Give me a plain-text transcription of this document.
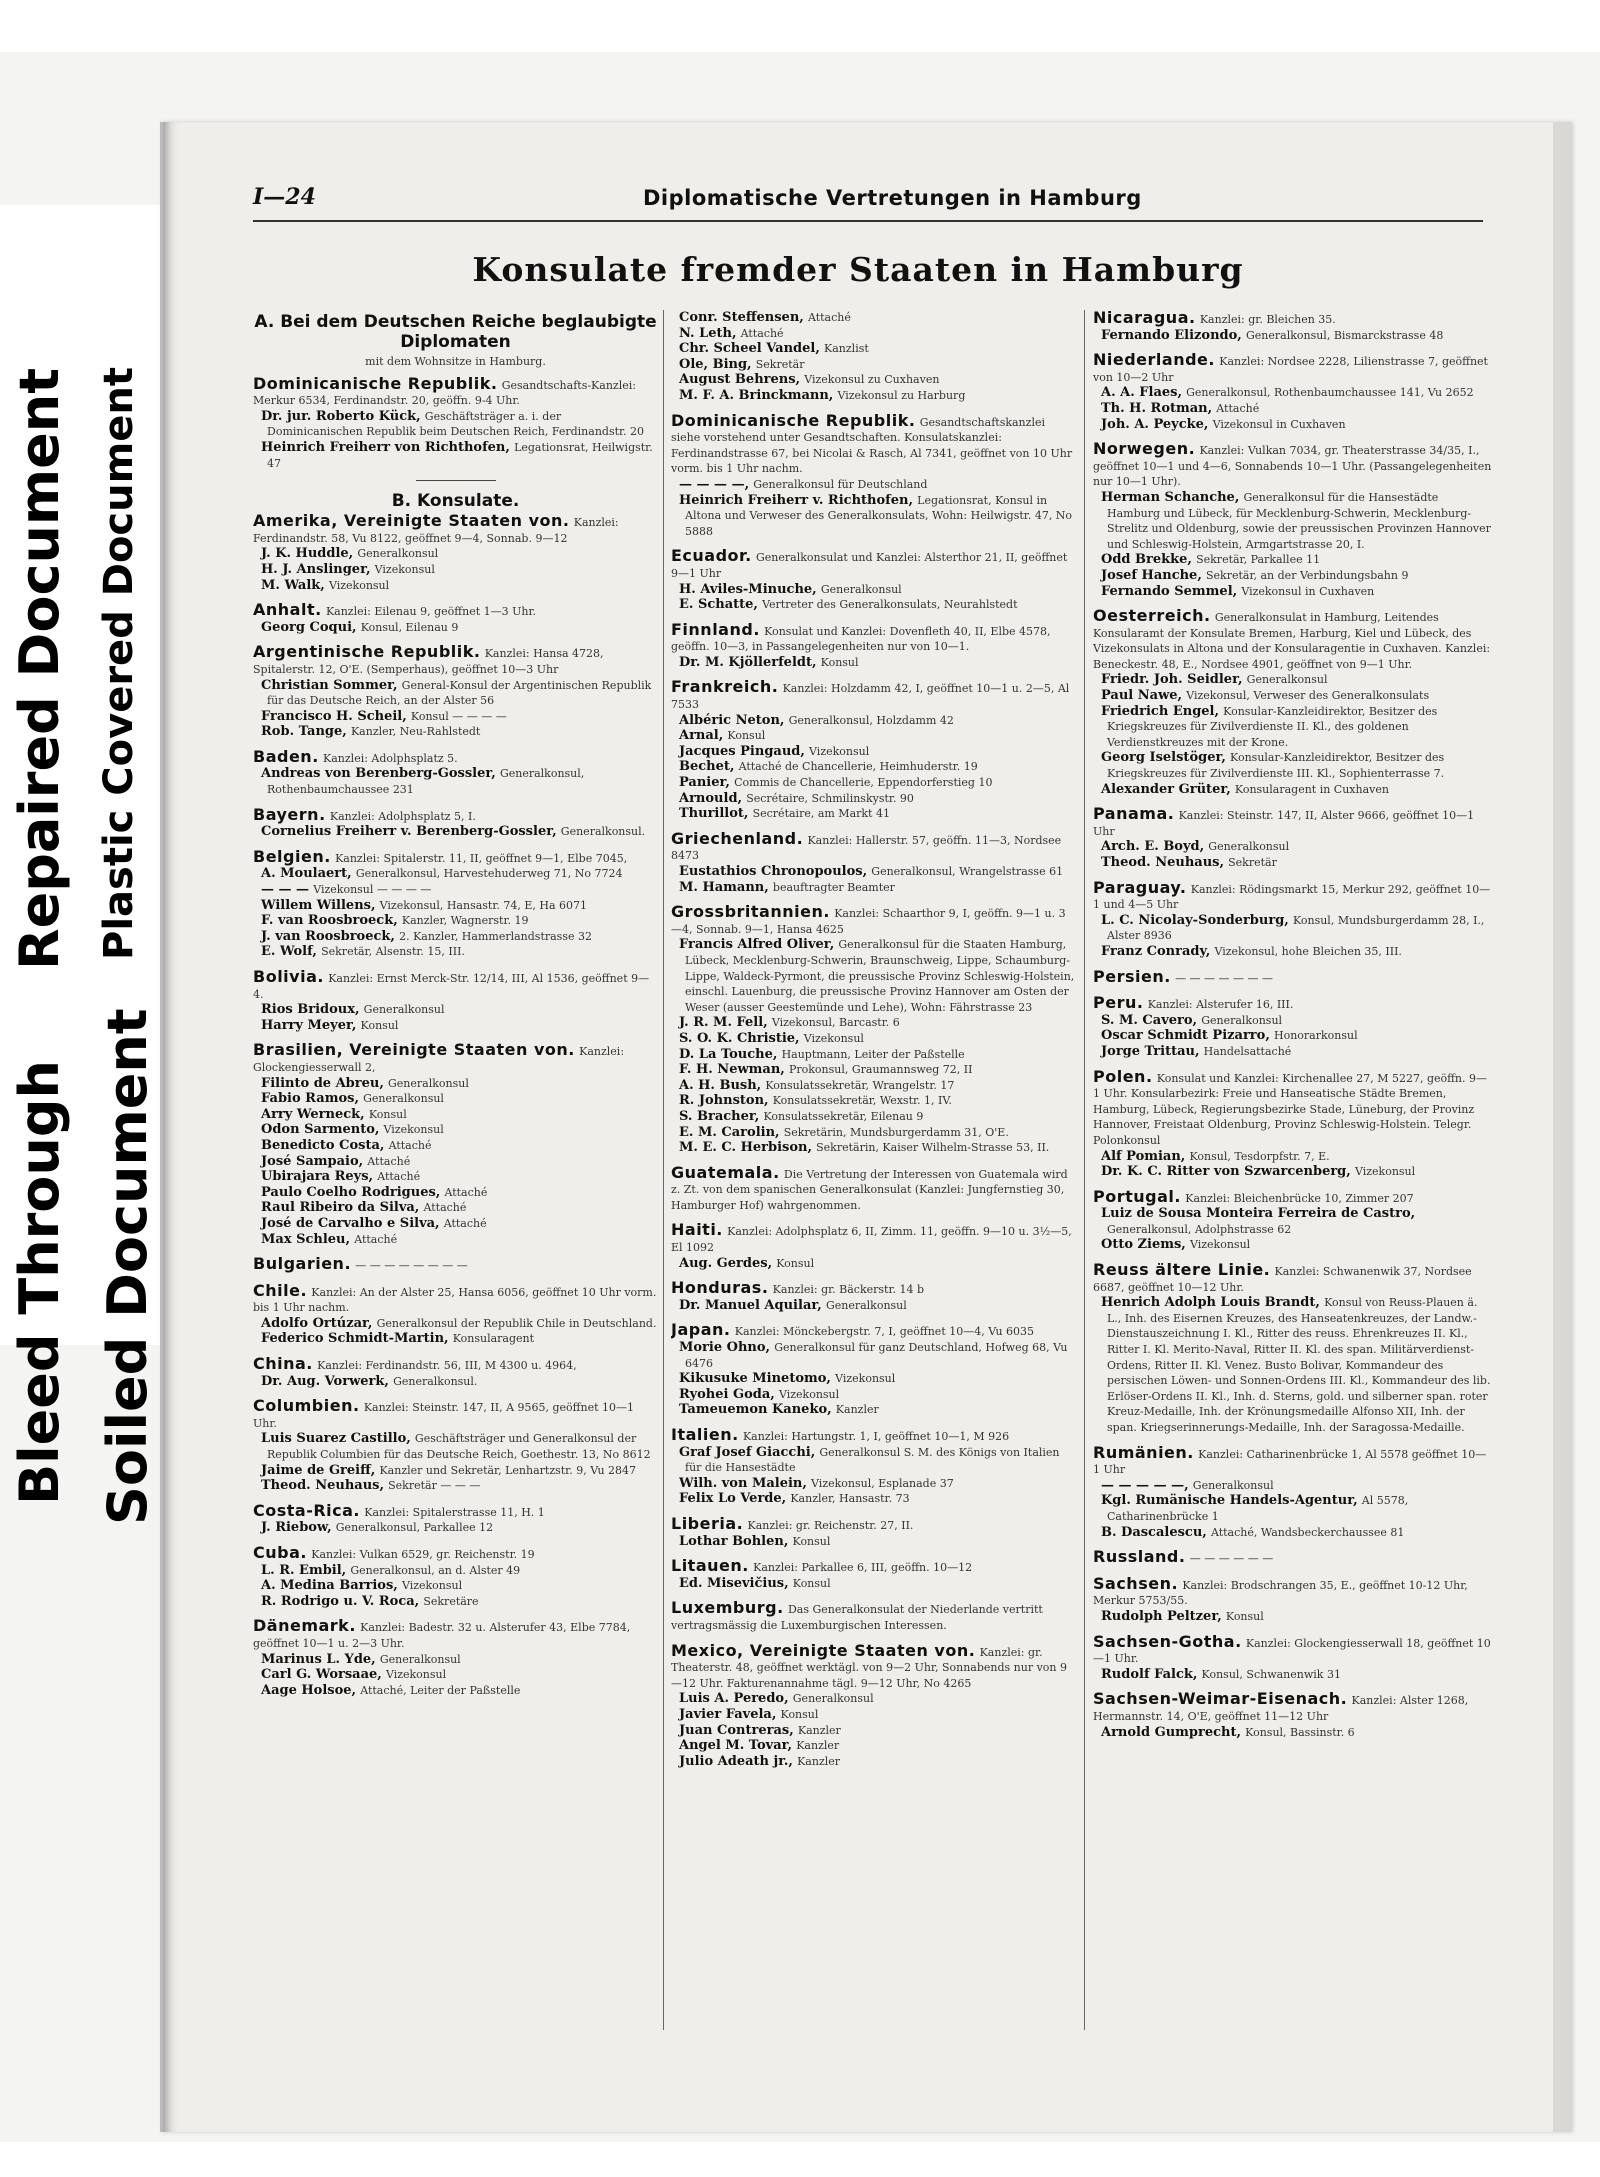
Repaired Document Plastic Covered Document
Bleed Through Soiled Document
I—24	Diplomatische Vertretungen in Hamburg
Konsulate fremder Staaten in Hamburg
A. Bei dem Deutschen Reiche beglaubigte Diplomaten
mit dem Wohnsitze in Hamburg.
Dominicanische Republik. Gesandtschafts-Kanzlei: Merkur 6534, Ferdinandstr. 20, geöffn. 9-4 Uhr.
Dr. jur. Roberto Kück, Geschäftsträger a. i. der Dominicanischen Republik beim Deutschen Reich, Ferdinandstr. 20
Heinrich Freiherr von Richthofen, Legationsrat, Heilwigstr. 47
B. Konsulate.
Amerika, Vereinigte Staaten von. Kanzlei: Ferdinandstr. 58, Vu 8122, geöffnet 9—4, Sonnab. 9—12
J. K. Huddle, Generalkonsul
H. J. Anslinger, Vizekonsul
M. Walk, Vizekonsul
Anhalt. Kanzlei: Eilenau 9, geöffnet 1—3 Uhr.
Georg Coqui, Konsul, Eilenau 9
Argentinische Republik. Kanzlei: Hansa 4728, Spitalerstr. 12, O'E. (Semperhaus), geöffnet 10—3 Uhr
Christian Sommer, General-Konsul der Argentinischen Republik für das Deutsche Reich, an der Alster 56
Francisco H. Scheil, Konsul — — — —
Rob. Tange, Kanzler, Neu-Rahlstedt
Baden. Kanzlei: Adolphsplatz 5.
Andreas von Berenberg-Gossler, Generalkonsul, Rothenbaumchaussee 231
Bayern. Kanzlei: Adolphsplatz 5, I.
Cornelius Freiherr v. Berenberg-Gossler, Generalkonsul.
Belgien. Kanzlei: Spitalerstr. 11, II, geöffnet 9—1, Elbe 7045,
A. Moulaert, Generalkonsul, Harvestehuderweg 71, No 7724
— — — Vizekonsul — — — —
Willem Willens, Vizekonsul, Hansastr. 74, E, Ha 6071
F. van Roosbroeck, Kanzler, Wagnerstr. 19
J. van Roosbroeck, 2. Kanzler, Hammerlandstrasse 32
E. Wolf, Sekretär, Alsenstr. 15, III.
Bolivia. Kanzlei: Ernst Merck-Str. 12/14, III, Al 1536, geöffnet 9—4.
Rios Bridoux, Generalkonsul
Harry Meyer, Konsul
Brasilien, Vereinigte Staaten von. Kanzlei: Glockengiesserwall 2,
Filinto de Abreu, Generalkonsul
Fabio Ramos, Generalkonsul
Arry Werneck, Konsul
Odon Sarmento, Vizekonsul
Benedicto Costa, Attaché
José Sampaio, Attaché
Ubirajara Reys, Attaché
Paulo Coelho Rodrigues, Attaché
Raul Ribeiro da Silva, Attaché
José de Carvalho e Silva, Attaché
Max Schleu, Attaché
Bulgarien. — — — — — — — —
Chile. Kanzlei: An der Alster 25, Hansa 6056, geöffnet 10 Uhr vorm. bis 1 Uhr nachm.
Adolfo Ortúzar, Generalkonsul der Republik Chile in Deutschland.
Federico Schmidt-Martin, Konsularagent
China. Kanzlei: Ferdinandstr. 56, III, M 4300 u. 4964,
Dr. Aug. Vorwerk, Generalkonsul.
Columbien. Kanzlei: Steinstr. 147, II, A 9565, geöffnet 10—1 Uhr.
Luis Suarez Castillo, Geschäftsträger und Generalkonsul der Republik Columbien für das Deutsche Reich, Goethestr. 13, No 8612
Jaime de Greiff, Kanzler und Sekretär, Lenhartzstr. 9, Vu 2847
Theod. Neuhaus, Sekretär — — —
Costa-Rica. Kanzlei: Spitalerstrasse 11, H. 1
J. Riebow, Generalkonsul, Parkallee 12
Cuba. Kanzlei: Vulkan 6529, gr. Reichenstr. 19
L. R. Embil, Generalkonsul, an d. Alster 49
A. Medina Barrios, Vizekonsul
R. Rodrigo u. V. Roca, Sekretäre
Dänemark. Kanzlei: Badestr. 32 u. Alsterufer 43, Elbe 7784, geöffnet 10—1 u. 2—3 Uhr.
Marinus L. Yde, Generalkonsul
Carl G. Worsaae, Vizekonsul
Aage Holsoe, Attaché, Leiter der Paßstelle
Conr. Steffensen, Attaché
N. Leth, Attaché
Chr. Scheel Vandel, Kanzlist
Ole, Bing, Sekretär
August Behrens, Vizekonsul zu Cuxhaven
M. F. A. Brinckmann, Vizekonsul zu Harburg
Dominicanische Republik. Gesandtschaftskanzlei siehe vorstehend unter Gesandtschaften. Konsulatskanzlei: Ferdinandstrasse 67, bei Nicolai & Rasch, Al 7341, geöffnet von 10 Uhr vorm. bis 1 Uhr nachm.
— — — —, Generalkonsul für Deutschland
Heinrich Freiherr v. Richthofen, Legationsrat, Konsul in Altona und Verweser des Generalkonsulats, Wohn: Heilwigstr. 47, No 5888
Ecuador. Generalkonsulat und Kanzlei: Alsterthor 21, II, geöffnet 9—1 Uhr
H. Aviles-Minuche, Generalkonsul
E. Schatte, Vertreter des Generalkonsulats, Neurahlstedt
Finnland. Konsulat und Kanzlei: Dovenfleth 40, II, Elbe 4578, geöffn. 10—3, in Passangelegenheiten nur von 10—1.
Dr. M. Kjöllerfeldt, Konsul
Frankreich. Kanzlei: Holzdamm 42, I, geöffnet 10—1 u. 2—5, Al 7533
Albéric Neton, Generalkonsul, Holzdamm 42
Arnal, Konsul
Jacques Pingaud, Vizekonsul
Bechet, Attaché de Chancellerie, Heimhuderstr. 19
Panier, Commis de Chancellerie, Eppendorferstieg 10
Arnould, Secrétaire, Schmilinskystr. 90
Thurillot, Secrétaire, am Markt 41
Griechenland. Kanzlei: Hallerstr. 57, geöffn. 11—3, Nordsee 8473
Eustathios Chronopoulos, Generalkonsul, Wrangelstrasse 61
M. Hamann, beauftragter Beamter
Grossbritannien. Kanzlei: Schaarthor 9, I, geöffn. 9—1 u. 3—4, Sonnab. 9—1, Hansa 4625
Francis Alfred Oliver, Generalkonsul für die Staaten Hamburg, Lübeck, Mecklenburg-Schwerin, Braunschweig, Lippe, Schaumburg-Lippe, Waldeck-Pyrmont, die preussische Provinz Schleswig-Holstein, einschl. Lauenburg, die preussische Provinz Hannover am Osten der Weser (ausser Geestemünde und Lehe), Wohn: Fährstrasse 23
J. R. M. Fell, Vizekonsul, Barcastr. 6
S. O. K. Christie, Vizekonsul
D. La Touche, Hauptmann, Leiter der Paßstelle
F. H. Newman, Prokonsul, Graumannsweg 72, II
A. H. Bush, Konsulatssekretär, Wrangelstr. 17
R. Johnston, Konsulatssekretär, Wexstr. 1, IV.
S. Bracher, Konsulatssekretär, Eilenau 9
E. M. Carolin, Sekretärin, Mundsburgerdamm 31, O'E.
M. E. C. Herbison, Sekretärin, Kaiser Wilhelm-Strasse 53, II.
Guatemala. Die Vertretung der Interessen von Guatemala wird z. Zt. von dem spanischen Generalkonsulat (Kanzlei: Jungfernstieg 30, Hamburger Hof) wahrgenommen.
Haiti. Kanzlei: Adolphsplatz 6, II, Zimm. 11, geöffn. 9—10 u. 3½—5, El 1092
Aug. Gerdes, Konsul
Honduras. Kanzlei: gr. Bäckerstr. 14 b
Dr. Manuel Aquilar, Generalkonsul
Japan. Kanzlei: Mönckebergstr. 7, I, geöffnet 10—4, Vu 6035
Morie Ohno, Generalkonsul für ganz Deutschland, Hofweg 68, Vu 6476
Kikusuke Minetomo, Vizekonsul
Ryohei Goda, Vizekonsul
Tameuemon Kaneko, Kanzler
Italien. Kanzlei: Hartungstr. 1, I, geöffnet 10—1, M 926
Graf Josef Giacchi, Generalkonsul S. M. des Königs von Italien für die Hansestädte
Wilh. von Malein, Vizekonsul, Esplanade 37
Felix Lo Verde, Kanzler, Hansastr. 73
Liberia. Kanzlei: gr. Reichenstr. 27, II.
Lothar Bohlen, Konsul
Litauen. Kanzlei: Parkallee 6, III, geöffn. 10—12
Ed. Misevičius, Konsul
Luxemburg. Das Generalkonsulat der Niederlande vertritt vertragsmässig die Luxemburgischen Interessen.
Mexico, Vereinigte Staaten von. Kanzlei: gr. Theaterstr. 48, geöffnet werktägl. von 9—2 Uhr, Sonnabends nur von 9—12 Uhr. Fakturenannahme tägl. 9—12 Uhr, No 4265
Luis A. Peredo, Generalkonsul
Javier Favela, Konsul
Juan Contreras, Kanzler
Angel M. Tovar, Kanzler
Julio Adeath jr., Kanzler
Nicaragua. Kanzlei: gr. Bleichen 35.
Fernando Elizondo, Generalkonsul, Bismarckstrasse 48
Niederlande. Kanzlei: Nordsee 2228, Lilienstrasse 7, geöffnet von 10—2 Uhr
A. A. Flaes, Generalkonsul, Rothenbaumchaussee 141, Vu 2652
Th. H. Rotman, Attaché
Joh. A. Peycke, Vizekonsul in Cuxhaven
Norwegen. Kanzlei: Vulkan 7034, gr. Theaterstrasse 34/35, I., geöffnet 10—1 und 4—6, Sonnabends 10—1 Uhr. (Passangelegenheiten nur 10—1 Uhr).
Herman Schanche, Generalkonsul für die Hansestädte Hamburg und Lübeck, für Mecklenburg-Schwerin, Mecklenburg-Strelitz und Oldenburg, sowie der preussischen Provinzen Hannover und Schleswig-Holstein, Armgartstrasse 20, I.
Odd Brekke, Sekretär, Parkallee 11
Josef Hanche, Sekretär, an der Verbindungsbahn 9
Fernando Semmel, Vizekonsul in Cuxhaven
Oesterreich. Generalkonsulat in Hamburg, Leitendes Konsularamt der Konsulate Bremen, Harburg, Kiel und Lübeck, des Vizekonsulats in Altona und der Konsularagentie in Cuxhaven. Kanzlei: Beneckestr. 48, E., Nordsee 4901, geöffnet von 9—1 Uhr.
Friedr. Joh. Seidler, Generalkonsul
Paul Nawe, Vizekonsul, Verweser des Generalkonsulats
Friedrich Engel, Konsular-Kanzleidirektor, Besitzer des Kriegskreuzes für Zivilverdienste II. Kl., des goldenen Verdienstkreuzes mit der Krone.
Georg Iselstöger, Konsular-Kanzleidirektor, Besitzer des Kriegskreuzes für Zivilverdienste III. Kl., Sophienterrasse 7.
Alexander Grüter, Konsularagent in Cuxhaven
Panama. Kanzlei: Steinstr. 147, II, Alster 9666, geöffnet 10—1 Uhr
Arch. E. Boyd, Generalkonsul
Theod. Neuhaus, Sekretär
Paraguay. Kanzlei: Rödingsmarkt 15, Merkur 292, geöffnet 10—1 und 4—5 Uhr
L. C. Nicolay-Sonderburg, Konsul, Mundsburgerdamm 28, I., Alster 8936
Franz Conrady, Vizekonsul, hohe Bleichen 35, III.
Persien. — — — — — — —
Peru. Kanzlei: Alsterufer 16, III.
S. M. Cavero, Generalkonsul
Oscar Schmidt Pizarro, Honorarkonsul
Jorge Trittau, Handelsattaché
Polen. Konsulat und Kanzlei: Kirchenallee 27, M 5227, geöffn. 9—1 Uhr. Konsularbezirk: Freie und Hanseatische Städte Bremen, Hamburg, Lübeck, Regierungsbezirke Stade, Lüneburg, der Provinz Hannover, Freistaat Oldenburg, Provinz Schleswig-Holstein. Telegr. Polonkonsul
Alf Pomian, Konsul, Tesdorpfstr. 7, E.
Dr. K. C. Ritter von Szwarcenberg, Vizekonsul
Portugal. Kanzlei: Bleichenbrücke 10, Zimmer 207
Luiz de Sousa Monteira Ferreira de Castro, Generalkonsul, Adolphstrasse 62
Otto Ziems, Vizekonsul
Reuss ältere Linie. Kanzlei: Schwanenwik 37, Nordsee 6687, geöffnet 10—12 Uhr.
Henrich Adolph Louis Brandt, Konsul von Reuss-Plauen ä. L., Inh. des Eisernen Kreuzes, des Hanseatenkreuzes, der Landw.-Dienstauszeichnung I. Kl., Ritter des reuss. Ehrenkreuzes II. Kl., Ritter I. Kl. Merito-Naval, Ritter II. Kl. des span. Militärverdienst-Ordens, Ritter II. Kl. Venez. Busto Bolivar, Kommandeur des persischen Löwen- und Sonnen-Ordens III. Kl., Kommandeur des lib. Erlöser-Ordens II. Kl., Inh. d. Sterns, gold. und silberner span. roter Kreuz-Medaille, Inh. der Krönungsmedaille Alfonso XII, Inh. der span. Kriegserinnerungs-Medaille, Inh. der Saragossa-Medaille.
Rumänien. Kanzlei: Catharinenbrücke 1, Al 5578 geöffnet 10—1 Uhr
— — — — —, Generalkonsul
Kgl. Rumänische Handels-Agentur, Al 5578, Catharinenbrücke 1
B. Dascalescu, Attaché, Wandsbeckerchaussee 81
Russland. — — — — — —
Sachsen. Kanzlei: Brodschrangen 35, E., geöffnet 10-12 Uhr, Merkur 5753/55.
Rudolph Peltzer, Konsul
Sachsen-Gotha. Kanzlei: Glockengiesserwall 18, geöffnet 10—1 Uhr.
Rudolf Falck, Konsul, Schwanenwik 31
Sachsen-Weimar-Eisenach. Kanzlei: Alster 1268, Hermannstr. 14, O'E, geöffnet 11—12 Uhr
Arnold Gumprecht, Konsul, Bassinstr. 6
